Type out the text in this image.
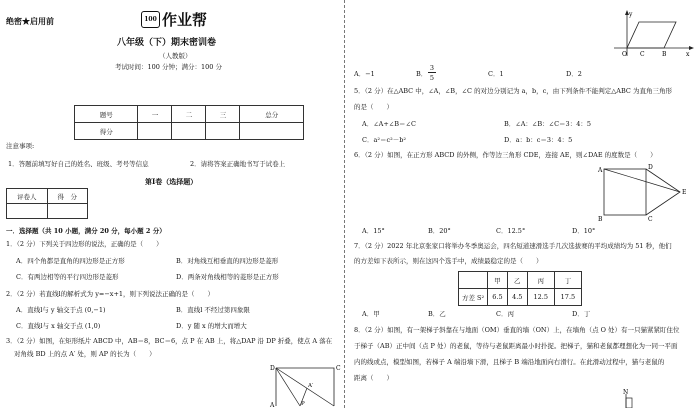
绝密★启用前	100 作业帮
八年级（下）期末密训卷
（人教版）
考试时间：100 分钟；满分：100 分
题号	一	二	三	总分
得分				
注意事项:
1．答题前填写好自己的姓名、班级、考号等信息	2．请将答案正确地书写于试卷上
第Ⅰ卷（选择题）
评卷人	得　分

一．选择题（共 10 小题，满分 20 分，每小题 2 分）
1．（2 分）下列关于四边形的说法，正确的是（　　）
A．四个角都是直角的四边形是正方形	B．对角线互相垂直的四边形是菱形
C．有两边相等的平行四边形是菱形	D．两条对角线相等的菱形是正方形
2．（2 分）若直线l的解析式为 y=−x+1，则下列说法正确的是（　　）
A．直线l与 y 轴交于点 (0,−1)	B．直线l 不经过第四象限
C．直线l与 x 轴交于点 (1,0)	D．y 随 x 的增大而增大
3．（2 分）如图，在矩形纸片 ABCD 中，AB＝8，BC＝6，点 P 在 AB 上，将△DAP 沿 DP 折叠，使点 A 落在
对角线 BD 上的点 A′ 处，则 AP 的长为（　　）
D	C
A′
P
A
y
x
O C	B
A．−1	B．
3
5	C．1	D．2
5．（2 分）在△ABC 中，∠A，∠B，∠C 的对边分别记为 a，b，c，由下列条件不能判定△ABC 为直角三角形
的是（　　）
A．∠A+∠B＝∠C	B．∠A：∠B：∠C＝3：4：5
C．a²＝c²－b²	D．a：b：c＝3：4：5
6．（2 分）如图，在正方形 ABCD 的外侧，作等边三角形 CDE，连接 AE，则∠DAE 的度数是（　　）
A	D
E
B	C
A．15°	B．20°	C．12.5°	D．10°
7．（2 分）2022 年北京张家口将举办冬季奥运会，四名短道速滑选手几次选拔赛的平均成绩均为 51 秒，他们
的方差如下表所示，则在这四个选手中，成绩最稳定的是（　　）
	甲	乙	丙	丁
方差 S²	6.5	4.5	12.5	17.5
A．甲	B．乙	C．丙	D．丁
8．（2 分）如图，有一架梯子斜靠在与地面（OM）垂直的墙（ON）上，在墙角（点 O 处）有一只猫紧紧盯住位
于梯子（AB）正中间（点 P 处）的老鼠，等待与老鼠距离最小时扑捉。把梯子，猫和老鼠都理想化为一同一平面
内的线或点，模型如图，若梯子 A 端沿墙下滑，且梯子 B 端沿地面向右滑行。在此滑动过程中，猫与老鼠的
距离（　　）
N
